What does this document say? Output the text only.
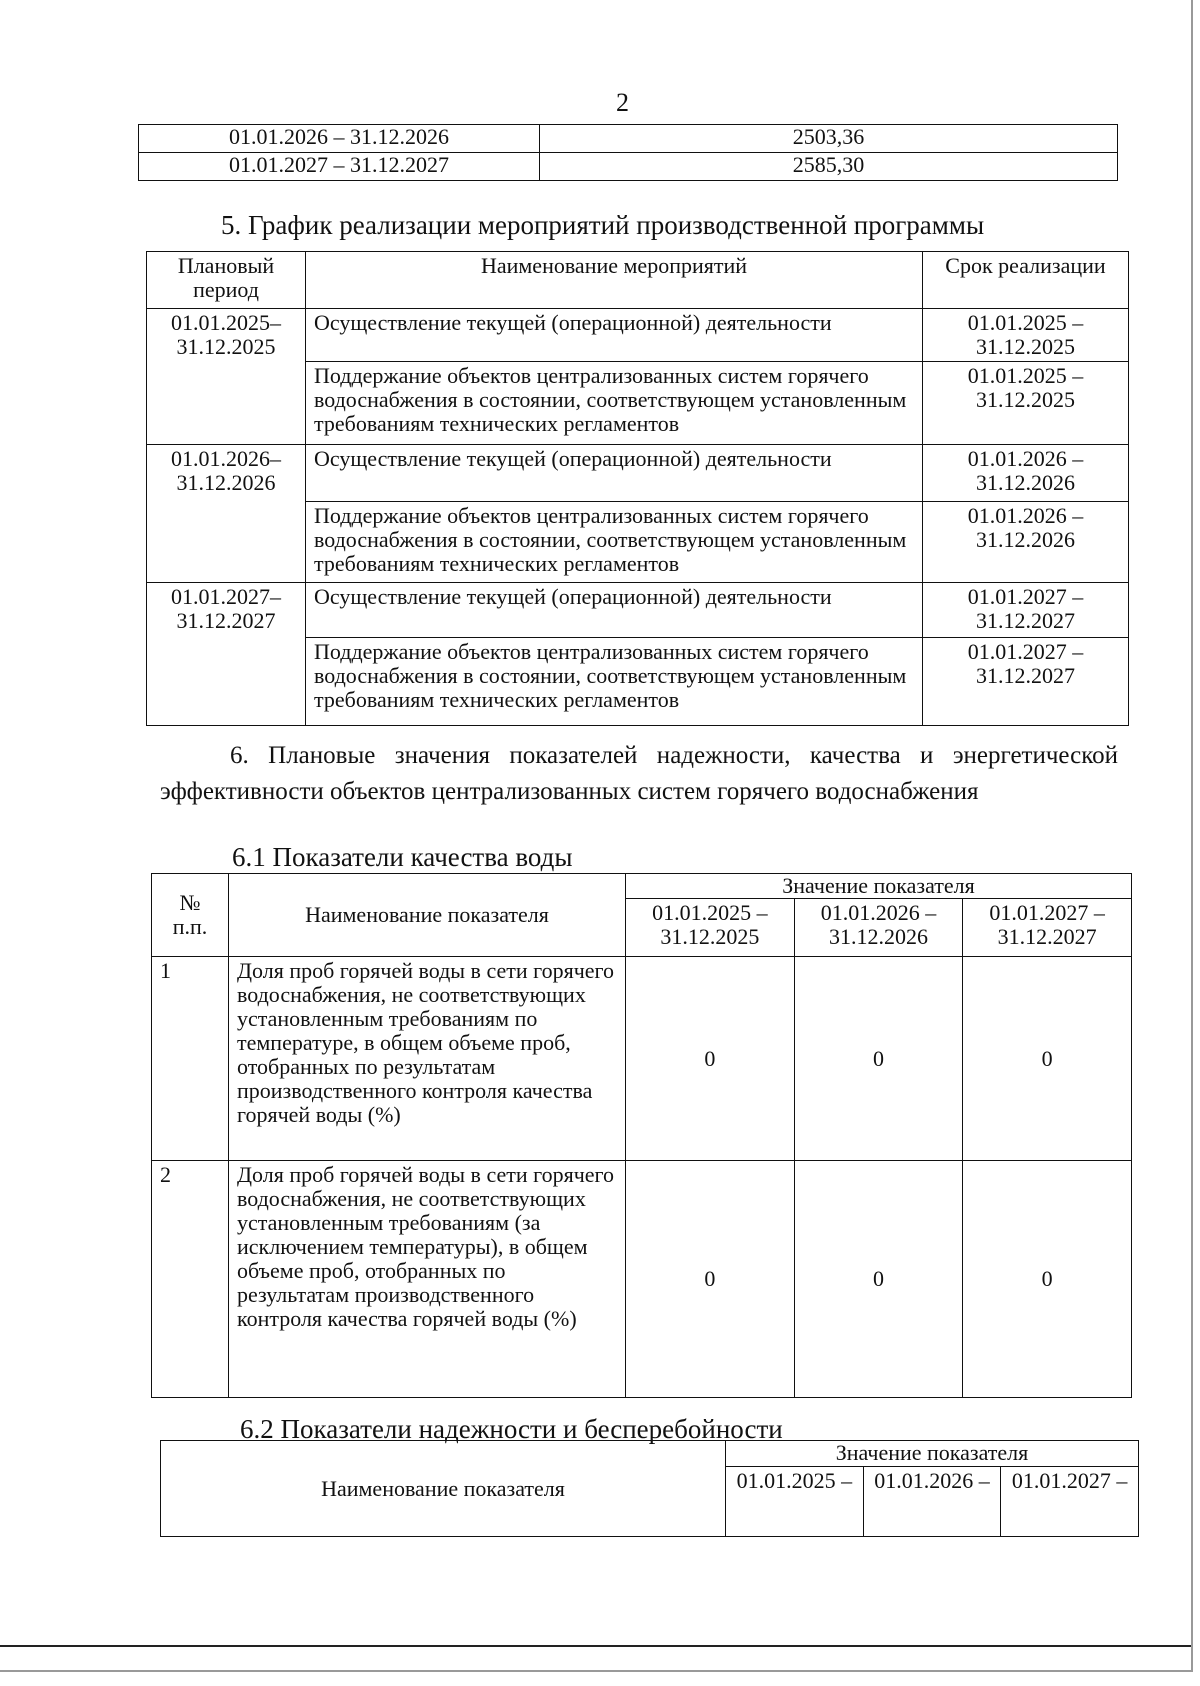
2
01.01.2026 – 31.12.2026	2503,36
01.01.2027 – 31.12.2027	2585,30
5. График реализации мероприятий производственной программы
Плановый период	Наименование мероприятий	Срок реализации
01.01.2025– 31.12.2025	Осуществление текущей (операционной) деятельности	01.01.2025 – 31.12.2025
	Поддержание объектов централизованных систем горячего водоснабжения в состоянии, соответствующем установленным требованиям технических регламентов	01.01.2025 – 31.12.2025
01.01.2026– 31.12.2026	Осуществление текущей (операционной) деятельности	01.01.2026 – 31.12.2026
	Поддержание объектов централизованных систем горячего водоснабжения в состоянии, соответствующем установленным требованиям технических регламентов	01.01.2026 – 31.12.2026
01.01.2027– 31.12.2027	Осуществление текущей (операционной) деятельности	01.01.2027 – 31.12.2027
	Поддержание объектов централизованных систем горячего водоснабжения в состоянии, соответствующем установленным требованиям технических регламентов	01.01.2027 – 31.12.2027
6. Плановые значения показателей надежности, качества и энергетической эффективности объектов централизованных систем горячего водоснабжения
6.1 Показатели качества воды
№ п.п.	Наименование показателя	Значение показателя		
		01.01.2025 – 31.12.2025	01.01.2026 – 31.12.2026	01.01.2027 – 31.12.2027
1	Доля проб горячей воды в сети горячего водоснабжения, не соответствующих установленным требованиям по температуре, в общем объеме проб, отобранных по результатам производственного контроля качества горячей воды (%)	0	0	0
2	Доля проб горячей воды в сети горячего водоснабжения, не соответствующих установленным требованиям (за исключением температуры), в общем объеме проб, отобранных по результатам производственного контроля качества горячей воды (%)	0	0	0
6.2 Показатели надежности и бесперебойности
Наименование показателя	Значение показателя		
	01.01.2025 –	01.01.2026 –	01.01.2027 –
